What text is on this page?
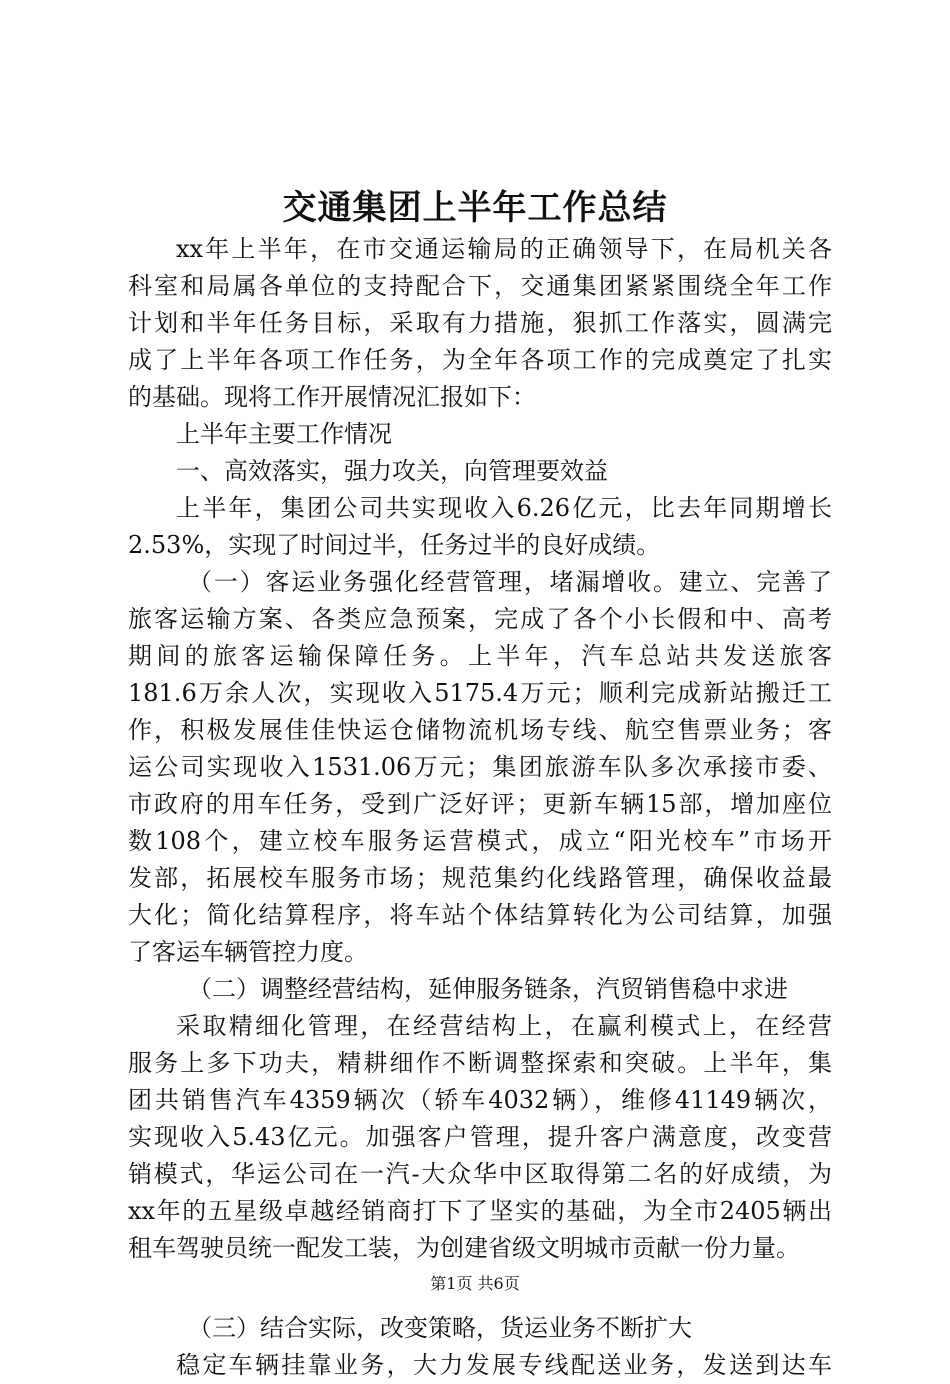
交通集团上半年工作总结
xx年上半年，在市交通运输局的正确领导下，在局机关各
科室和局属各单位的支持配合下，交通集团紧紧围绕全年工作
计划和半年任务目标，采取有力措施，狠抓工作落实，圆满完
成了上半年各项工作任务，为全年各项工作的完成奠定了扎实
的基础。现将工作开展情况汇报如下：
上半年主要工作情况
一、高效落实，强力攻关，向管理要效益
上半年，集团公司共实现收入6.26亿元，比去年同期增长
2.53%，实现了时间过半，任务过半的良好成绩。
（一）客运业务强化经营管理，堵漏增收。建立、完善了
旅客运输方案、各类应急预案，完成了各个小长假和中、高考
期间的旅客运输保障任务。上半年，汽车总站共发送旅客
181.6万余人次，实现收入5175.4万元；顺利完成新站搬迁工
作，积极发展佳佳快运仓储物流机场专线、航空售票业务；客
运公司实现收入1531.06万元；集团旅游车队多次承接市委、
市政府的用车任务，受到广泛好评；更新车辆15部，增加座位
数108个，建立校车服务运营模式，成立“阳光校车”市场开
发部，拓展校车服务市场；规范集约化线路管理，确保收益最
大化；简化结算程序，将车站个体结算转化为公司结算，加强
了客运车辆管控力度。
（二）调整经营结构，延伸服务链条，汽贸销售稳中求进
采取精细化管理，在经营结构上，在赢利模式上，在经营
服务上多下功夫，精耕细作不断调整探索和突破。上半年，集
团共销售汽车4359辆次（轿车4032辆），维修41149辆次，
实现收入5.43亿元。加强客户管理，提升客户满意度，改变营
销模式，华运公司在一汽-大众华中区取得第二名的好成绩，为
xx年的五星级卓越经销商打下了坚实的基础，为全市2405辆出
租车驾驶员统一配发工装，为创建省级文明城市贡献一份力量。
（三）结合实际，改变策略，货运业务不断扩大
稳定车辆挂靠业务，大力发展专线配送业务，发送到达车
第1页 共6页
